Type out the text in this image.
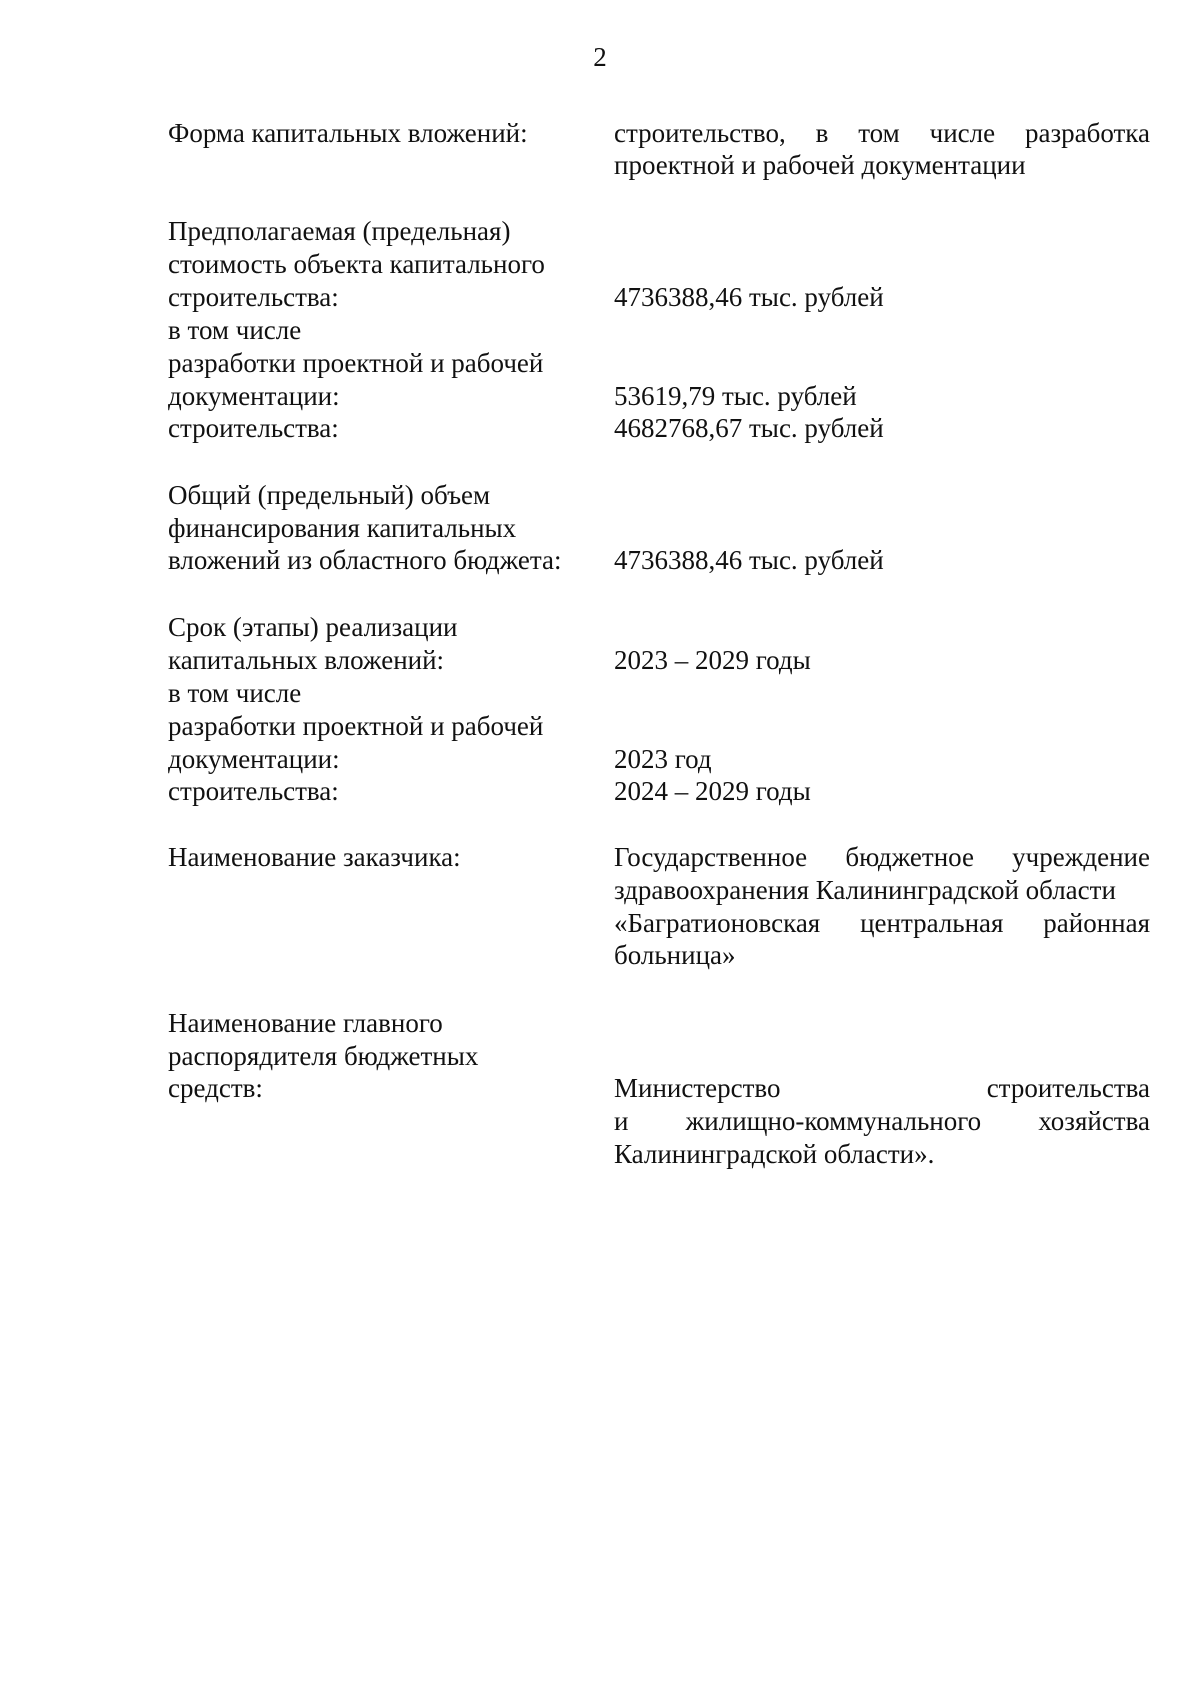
2
Форма капитальных вложений:	строительство, в том числе разработка
проектной и рабочей документации
Предполагаемая (предельная)
стоимость объекта капитального
строительства:	4736388,46 тыс. рублей
в том числе
разработки проектной и рабочей
документации:	53619,79 тыс. рублей
строительства:	4682768,67 тыс. рублей
Общий (предельный) объем
финансирования капитальных
вложений из областного бюджета: 4736388,46 тыс. рублей
Срок (этапы) реализации
капитальных вложений:	2023 – 2029 годы
в том числе
разработки проектной и рабочей
документации:	2023 год
строительства:	2024 – 2029 годы
Наименование заказчика:	Государственное бюджетное учреждение
здравоохранения Калининградской области
«Багратионовская центральная районная
больница»
Наименование главного
распорядителя бюджетных
средств:	Министерство	строительства
и жилищно-коммунального хозяйства
Калининградской области».
